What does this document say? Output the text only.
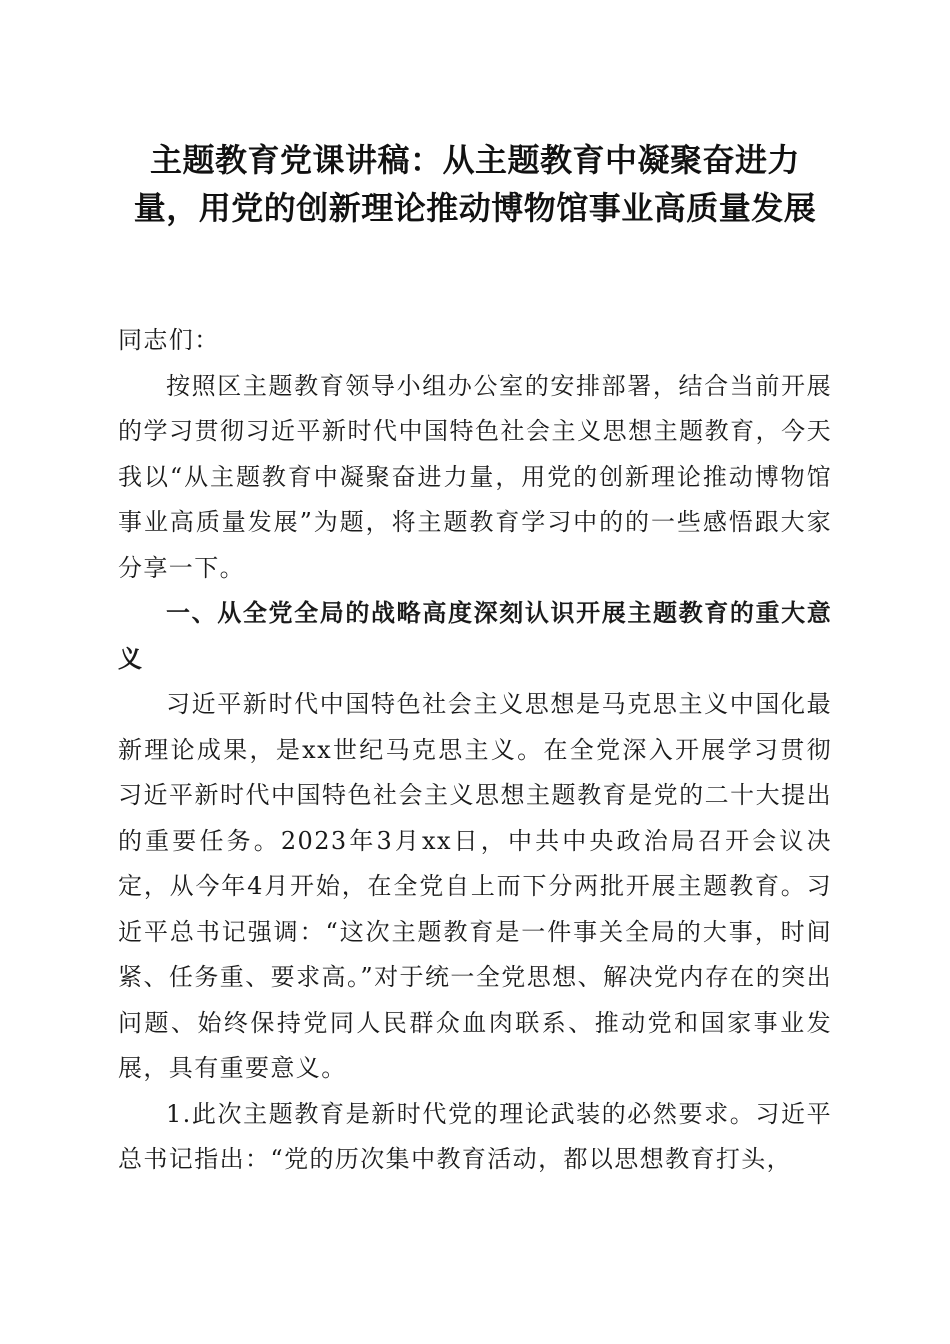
主题教育党课讲稿：从主题教育中凝聚奋进力量，用党的创新理论推动博物馆事业高质量发展

同志们：

按照区主题教育领导小组办公室的安排部署，结合当前开展的学习贯彻习近平新时代中国特色社会主义思想主题教育，今天我以“从主题教育中凝聚奋进力量，用党的创新理论推动博物馆事业高质量发展”为题，将主题教育学习中的的一些感悟跟大家分享一下。

一、从全党全局的战略高度深刻认识开展主题教育的重大意义

习近平新时代中国特色社会主义思想是马克思主义中国化最新理论成果，是xx世纪马克思主义。在全党深入开展学习贯彻习近平新时代中国特色社会主义思想主题教育是党的二十大提出的重要任务。2023年3月xx日，中共中央政治局召开会议决定，从今年4月开始，在全党自上而下分两批开展主题教育。习近平总书记强调：“这次主题教育是一件事关全局的大事，时间紧、任务重、要求高。”对于统一全党思想、解决党内存在的突出问题、始终保持党同人民群众血肉联系、推动党和国家事业发展，具有重要意义。

1.此次主题教育是新时代党的理论武装的必然要求。习近平总书记指出：“党的历次集中教育活动，都以思想教育打头，
